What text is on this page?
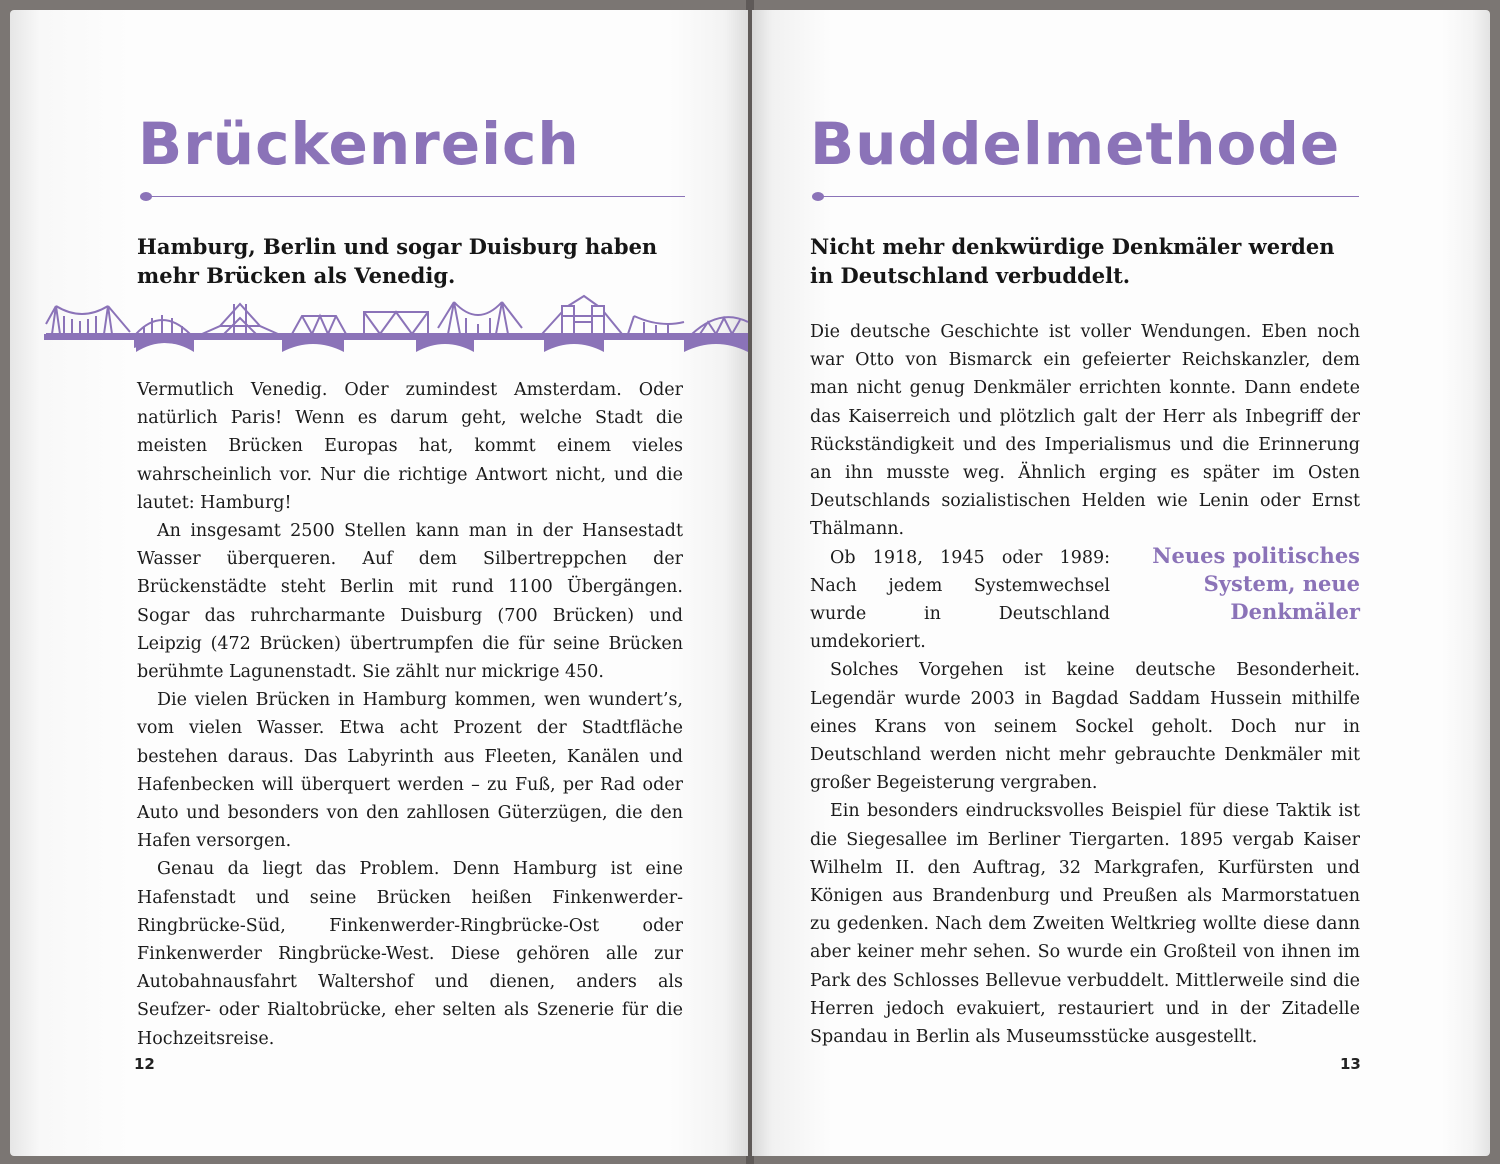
Brückenreich
Hamburg, Berlin und sogar Duisburg haben mehr Brücken als Venedig.

Vermutlich Venedig. Oder zumindest Amsterdam. Oder natürlich Paris! Wenn es darum geht, welche Stadt die meisten Brücken Europas hat, kommt einem vieles wahrscheinlich vor. Nur die richtige Antwort nicht, und die lautet: Hamburg!

An insgesamt 2500 Stellen kann man in der Hansestadt Wasser überqueren. Auf dem Silbertreppchen der Brückenstädte steht Berlin mit rund 1100 Übergängen. Sogar das ruhrcharmante Duisburg (700 Brücken) und Leipzig (472 Brücken) übertrumpfen die für seine Brücken berühmte Lagunenstadt. Sie zählt nur mickrige 450.

Die vielen Brücken in Hamburg kommen, wen wundert’s, vom vielen Wasser. Etwa acht Prozent der Stadtfläche bestehen daraus. Das Labyrinth aus Fleeten, Kanälen und Hafenbecken will überquert werden – zu Fuß, per Rad oder Auto und besonders von den zahllosen Güterzügen, die den Hafen versorgen.

Genau da liegt das Problem. Denn Hamburg ist eine Hafenstadt und seine Brücken heißen Finkenwerder-Ringbrücke-Süd, Finkenwerder-Ringbrücke-Ost oder Finkenwerder Ringbrücke-West. Diese gehören alle zur Autobahnausfahrt Waltershof und dienen, anders als Seufzer- oder Rialtobrücke, eher selten als Szenerie für die Hochzeitsreise.

12
Buddelmethode
Nicht mehr denkwürdige Denkmäler werden in Deutschland verbuddelt.

Die deutsche Geschichte ist voller Wendungen. Eben noch war Otto von Bismarck ein gefeierter Reichskanzler, dem man nicht genug Denkmäler errichten konnte. Dann endete das Kaiserreich und plötzlich galt der Herr als Inbegriff der Rückständigkeit und des Imperialismus und die Erinnerung an ihn musste weg. Ähnlich erging es später im Osten Deutschlands sozialistischen Helden wie Lenin oder Ernst Thälmann.

Neues politisches System, neue Denkmäler

Ob 1918, 1945 oder 1989: Nach jedem Systemwechsel wurde in Deutschland umdekoriert.

Solches Vorgehen ist keine deutsche Besonderheit. Legendär wurde 2003 in Bagdad Saddam Hussein mithilfe eines Krans von seinem Sockel geholt. Doch nur in Deutschland werden nicht mehr gebrauchte Denkmäler mit großer Begeisterung vergraben.

Ein besonders eindrucksvolles Beispiel für diese Taktik ist die Siegesallee im Berliner Tiergarten. 1895 vergab Kaiser Wilhelm II. den Auftrag, 32 Markgrafen, Kurfürsten und Königen aus Brandenburg und Preußen als Marmorstatuen zu gedenken. Nach dem Zweiten Weltkrieg wollte diese dann aber keiner mehr sehen. So wurde ein Großteil von ihnen im Park des Schlosses Bellevue verbuddelt. Mittlerweile sind die Herren jedoch evakuiert, restauriert und in der Zitadelle Spandau in Berlin als Museumsstücke ausgestellt.

13
